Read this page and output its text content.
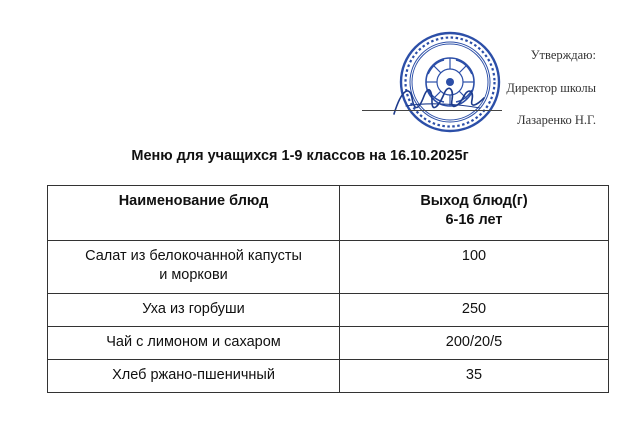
Утверждаю:
Директор школы
Лазаренко Н.Г.
Меню для учащихся 1-9 классов на 16.10.2025г
Наименование блюд	Выход блюд(г)
6-16 лет

Салат из белокочанной капусты
и моркови	100
Уха из горбуши	250
Чай с лимоном и сахаром	200/20/5
Хлеб ржано-пшеничный	35
